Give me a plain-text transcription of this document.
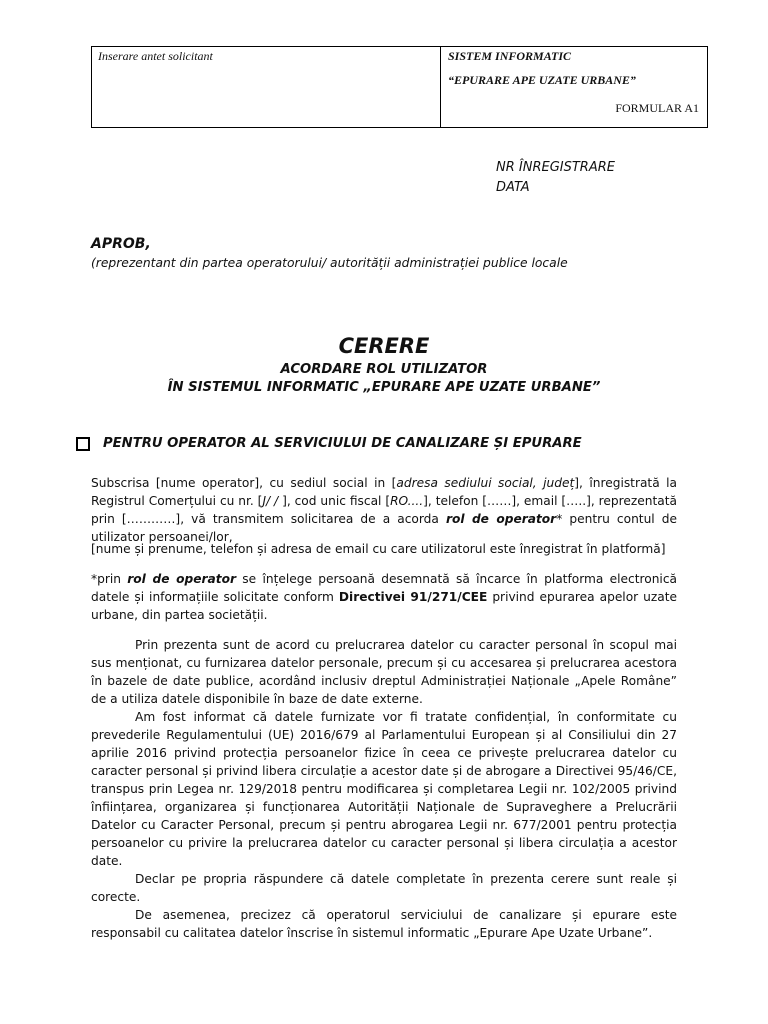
Inserare antet solicitant	SISTEM INFORMATIC
“EPURARE APE UZATE URBANE”
FORMULAR A1
NR ÎNREGISTRARE
DATA
APROB,
(reprezentant din partea operatorului/ autorității administrației publice locale
CERERE
ACORDARE ROL UTILIZATOR
ÎN SISTEMUL INFORMATIC „EPURARE APE UZATE URBANE”
PENTRU OPERATOR AL SERVICIULUI DE CANALIZARE ȘI EPURARE

Subscrisa [nume operator], cu sediul social in [adresa sediului social, județ], înregistrată la Registrul Comerțului cu nr. [J/ / ], cod unic fiscal [RO....], telefon [……], email […..], reprezentată prin […………], vă transmitem solicitarea de a acorda rol de operator* pentru contul de utilizator persoanei/lor,

[nume și prenume, telefon și adresa de email cu care utilizatorul este înregistrat în platformă]

*prin rol de operator se înțelege persoană desemnată să încarce în platforma electronică datele și informațiile solicitate conform Directivei 91/271/CEE privind epurarea apelor uzate urbane, din partea societății.

Prin prezenta sunt de acord cu prelucrarea datelor cu caracter personal în scopul mai sus menționat, cu furnizarea datelor personale, precum și cu accesarea și prelucrarea acestora în bazele de date publice, acordând inclusiv dreptul Administrației Naționale „Apele Române” de a utiliza datele disponibile în baze de date externe.

Am fost informat că datele furnizate vor fi tratate confidențial, în conformitate cu prevederile Regulamentului (UE) 2016/679 al Parlamentului European și al Consiliului din 27 aprilie 2016 privind protecția persoanelor fizice în ceea ce privește prelucrarea datelor cu caracter personal și privind libera circulație a acestor date și de abrogare a Directivei 95/46/CE, transpus prin Legea nr. 129/2018 pentru modificarea și completarea Legii nr. 102/2005 privind înființarea, organizarea și funcționarea Autorității Naționale de Supraveghere a Prelucrării Datelor cu Caracter Personal, precum și pentru abrogarea Legii nr. 677/2001 pentru protecția persoanelor cu privire la prelucrarea datelor cu caracter personal și libera circulația a acestor date.

Declar pe propria răspundere că datele completate în prezenta cerere sunt reale și corecte.

De asemenea, precizez că operatorul serviciului de canalizare și epurare este responsabil cu calitatea datelor înscrise în sistemul informatic „Epurare Ape Uzate Urbane”.
